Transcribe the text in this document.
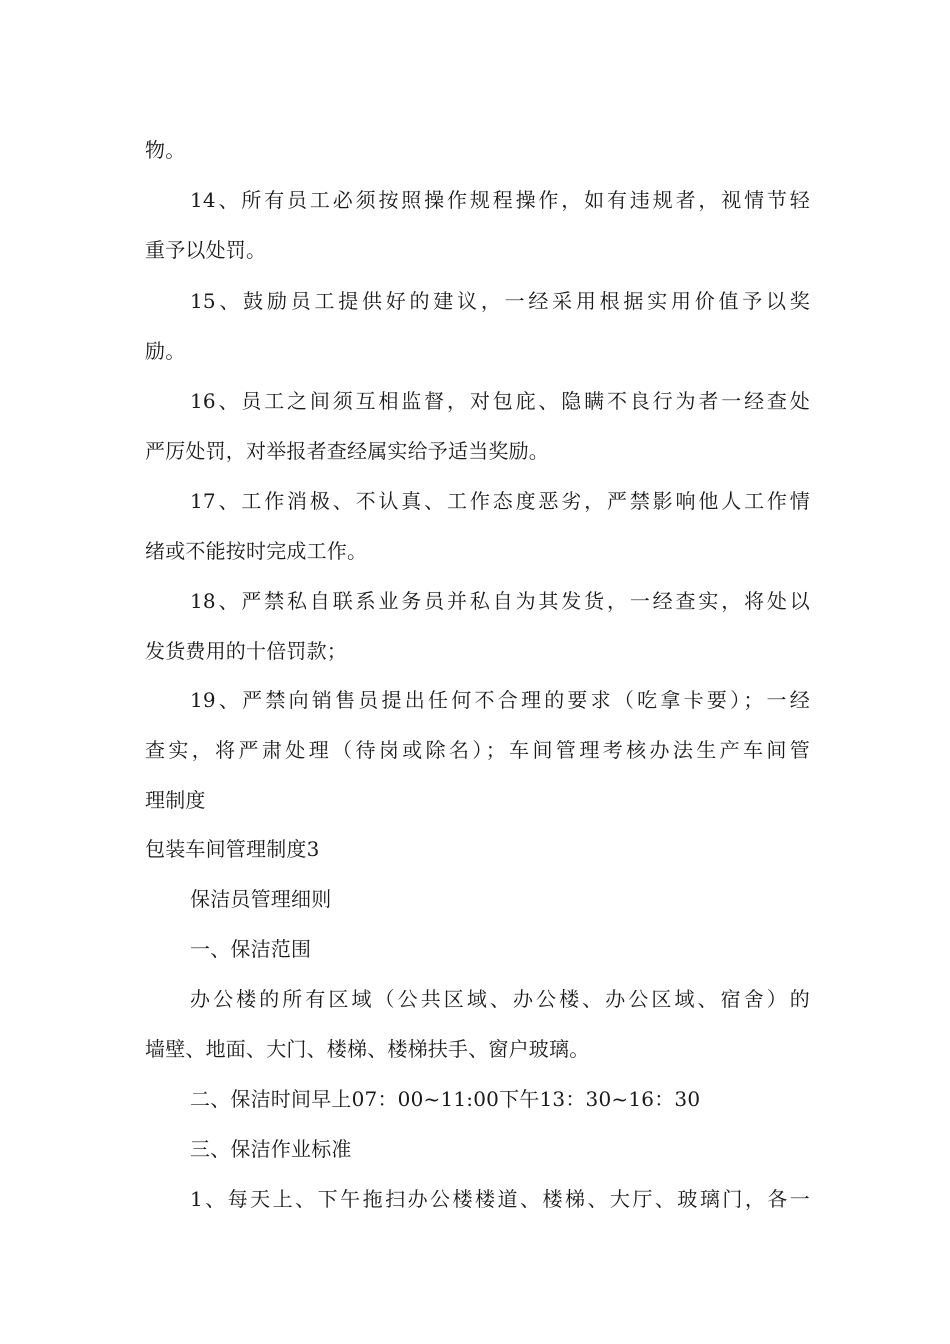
物。
14、所有员工必须按照操作规程操作，如有违规者，视情节轻
重予以处罚。
15、鼓励员工提供好的建议，一经采用根据实用价值予以奖
励。
16、员工之间须互相监督，对包庇、隐瞒不良行为者一经查处
严厉处罚，对举报者查经属实给予适当奖励。
17、工作消极、不认真、工作态度恶劣，严禁影响他人工作情
绪或不能按时完成工作。
18、严禁私自联系业务员并私自为其发货，一经查实，将处以
发货费用的十倍罚款；
19、严禁向销售员提出任何不合理的要求（吃拿卡要）；一经
查实，将严肃处理（待岗或除名）；车间管理考核办法生产车间管
理制度
包装车间管理制度3
保洁员管理细则
一、保洁范围
办公楼的所有区域（公共区域、办公楼、办公区域、宿舍）的
墙壁、地面、大门、楼梯、楼梯扶手、窗户玻璃。
二、保洁时间早上07：00~11:00下午13：30~16：30
三、保洁作业标准
1、每天上、下午拖扫办公楼楼道、楼梯、大厅、玻璃门，各一
